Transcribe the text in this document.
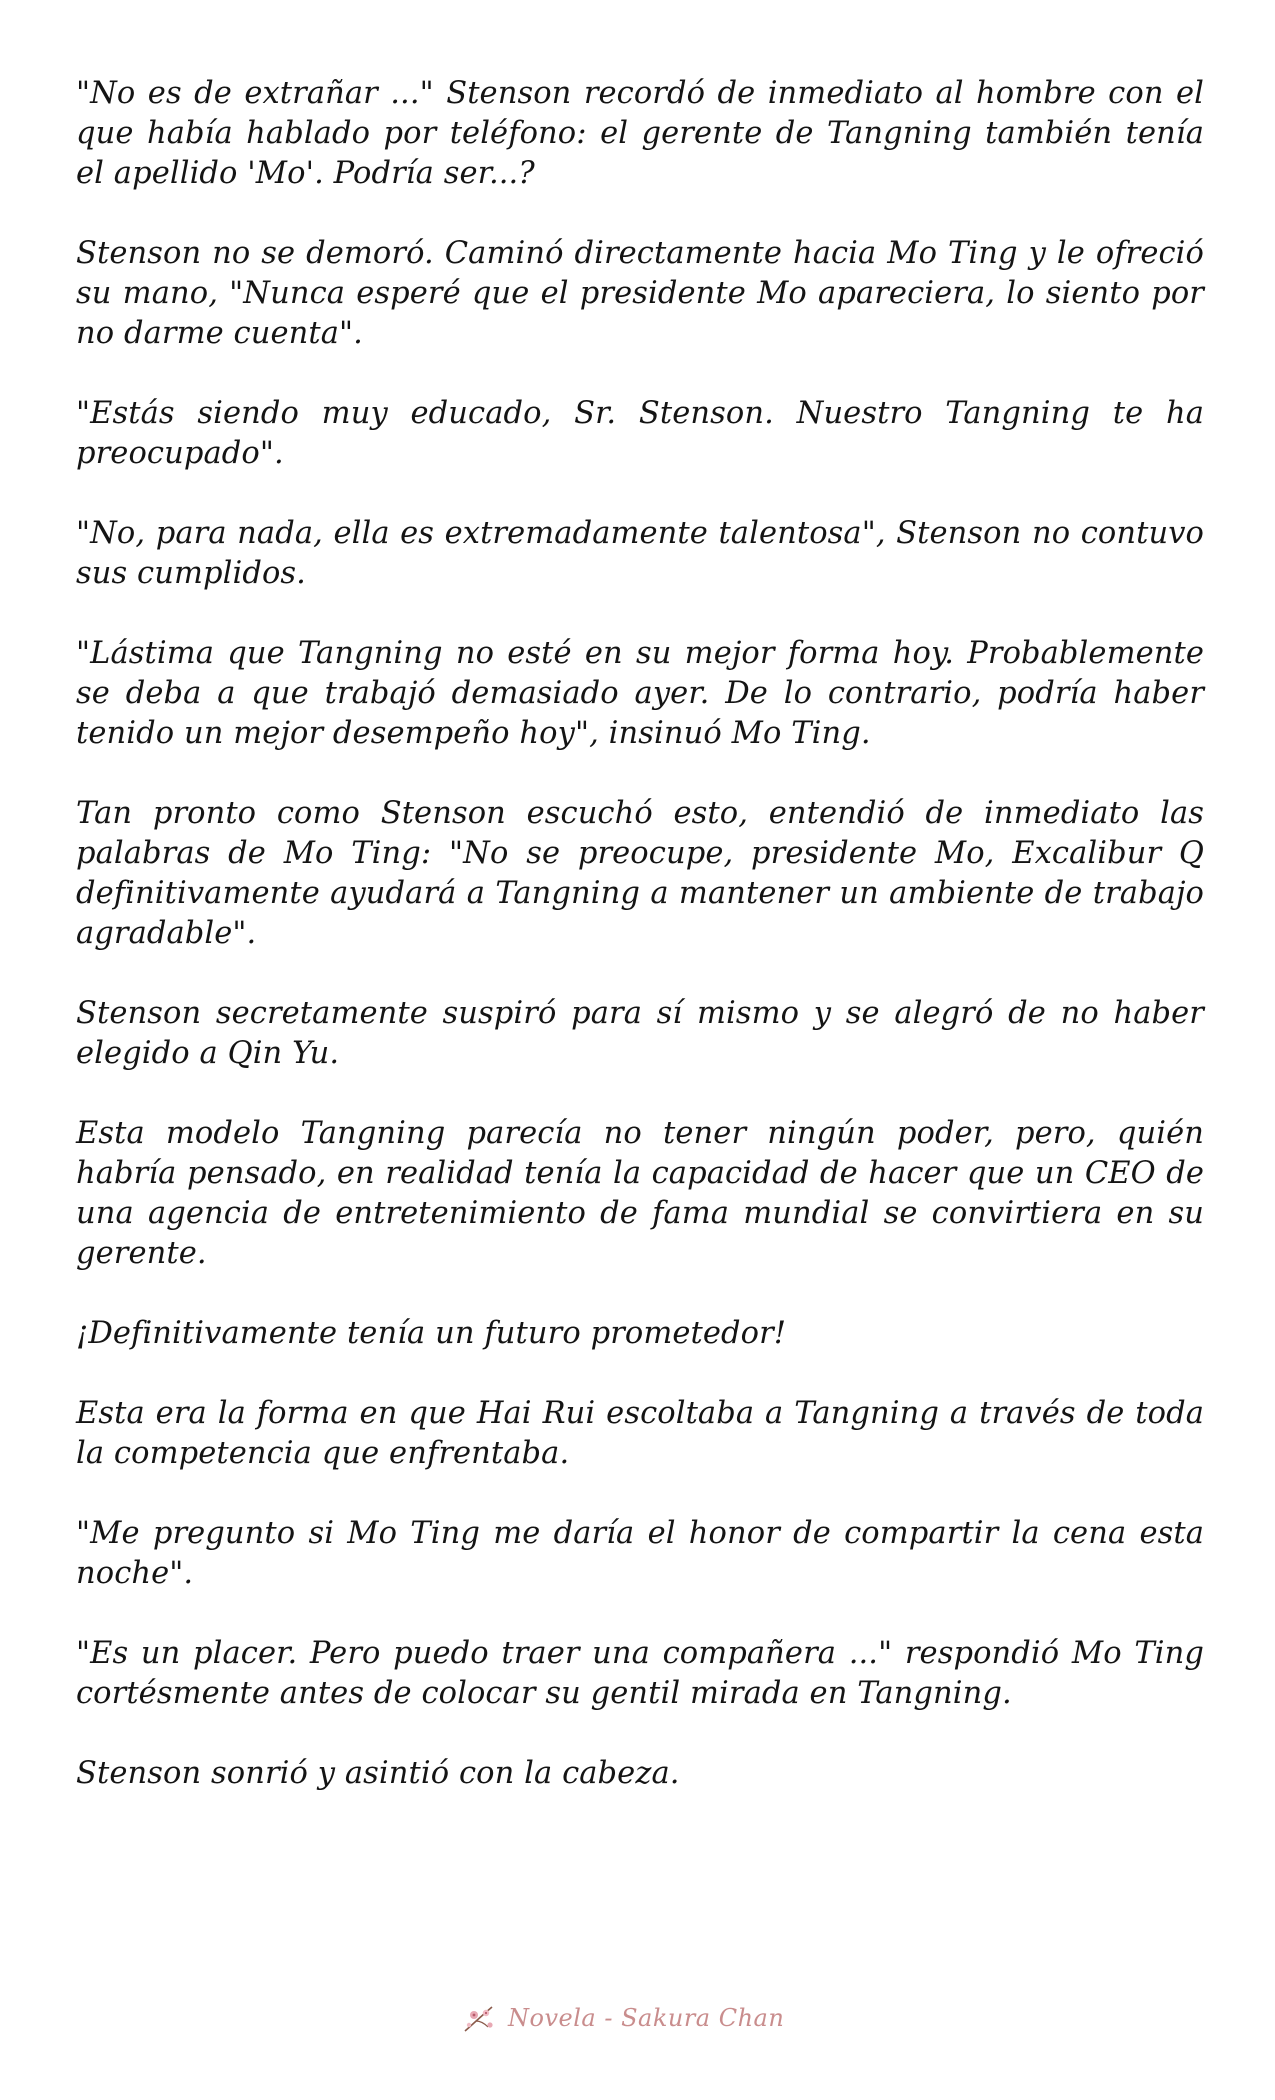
"No es de extrañar ..." Stenson recordó de inmediato al hombre con el que había hablado por teléfono: el gerente de Tangning también tenía el apellido 'Mo'. Podría ser...?

Stenson no se demoró. Caminó directamente hacia Mo Ting y le ofreció su mano, "Nunca esperé que el presidente Mo apareciera, lo siento por no darme cuenta".

"Estás siendo muy educado, Sr. Stenson. Nuestro Tangning te ha preocupado".

"No, para nada, ella es extremadamente talentosa", Stenson no contuvo sus cumplidos.

"Lástima que Tangning no esté en su mejor forma hoy. Probablemente se deba a que trabajó demasiado ayer. De lo contrario, podría haber tenido un mejor desempeño hoy", insinuó Mo Ting.

Tan pronto como Stenson escuchó esto, entendió de inmediato las palabras de Mo Ting: "No se preocupe, presidente Mo, Excalibur Q definitivamente ayudará a Tangning a mantener un ambiente de trabajo agradable".

Stenson secretamente suspiró para sí mismo y se alegró de no haber elegido a Qin Yu.

Esta modelo Tangning parecía no tener ningún poder, pero, quién habría pensado, en realidad tenía la capacidad de hacer que un CEO de una agencia de entretenimiento de fama mundial se convirtiera en su gerente.

¡Definitivamente tenía un futuro prometedor!

Esta era la forma en que Hai Rui escoltaba a Tangning a través de toda la competencia que enfrentaba.

"Me pregunto si Mo Ting me daría el honor de compartir la cena esta noche".

"Es un placer. Pero puedo traer una compañera ..." respondió Mo Ting cortésmente antes de colocar su gentil mirada en Tangning.

Stenson sonrió y asintió con la cabeza.

Novela - Sakura Chan
